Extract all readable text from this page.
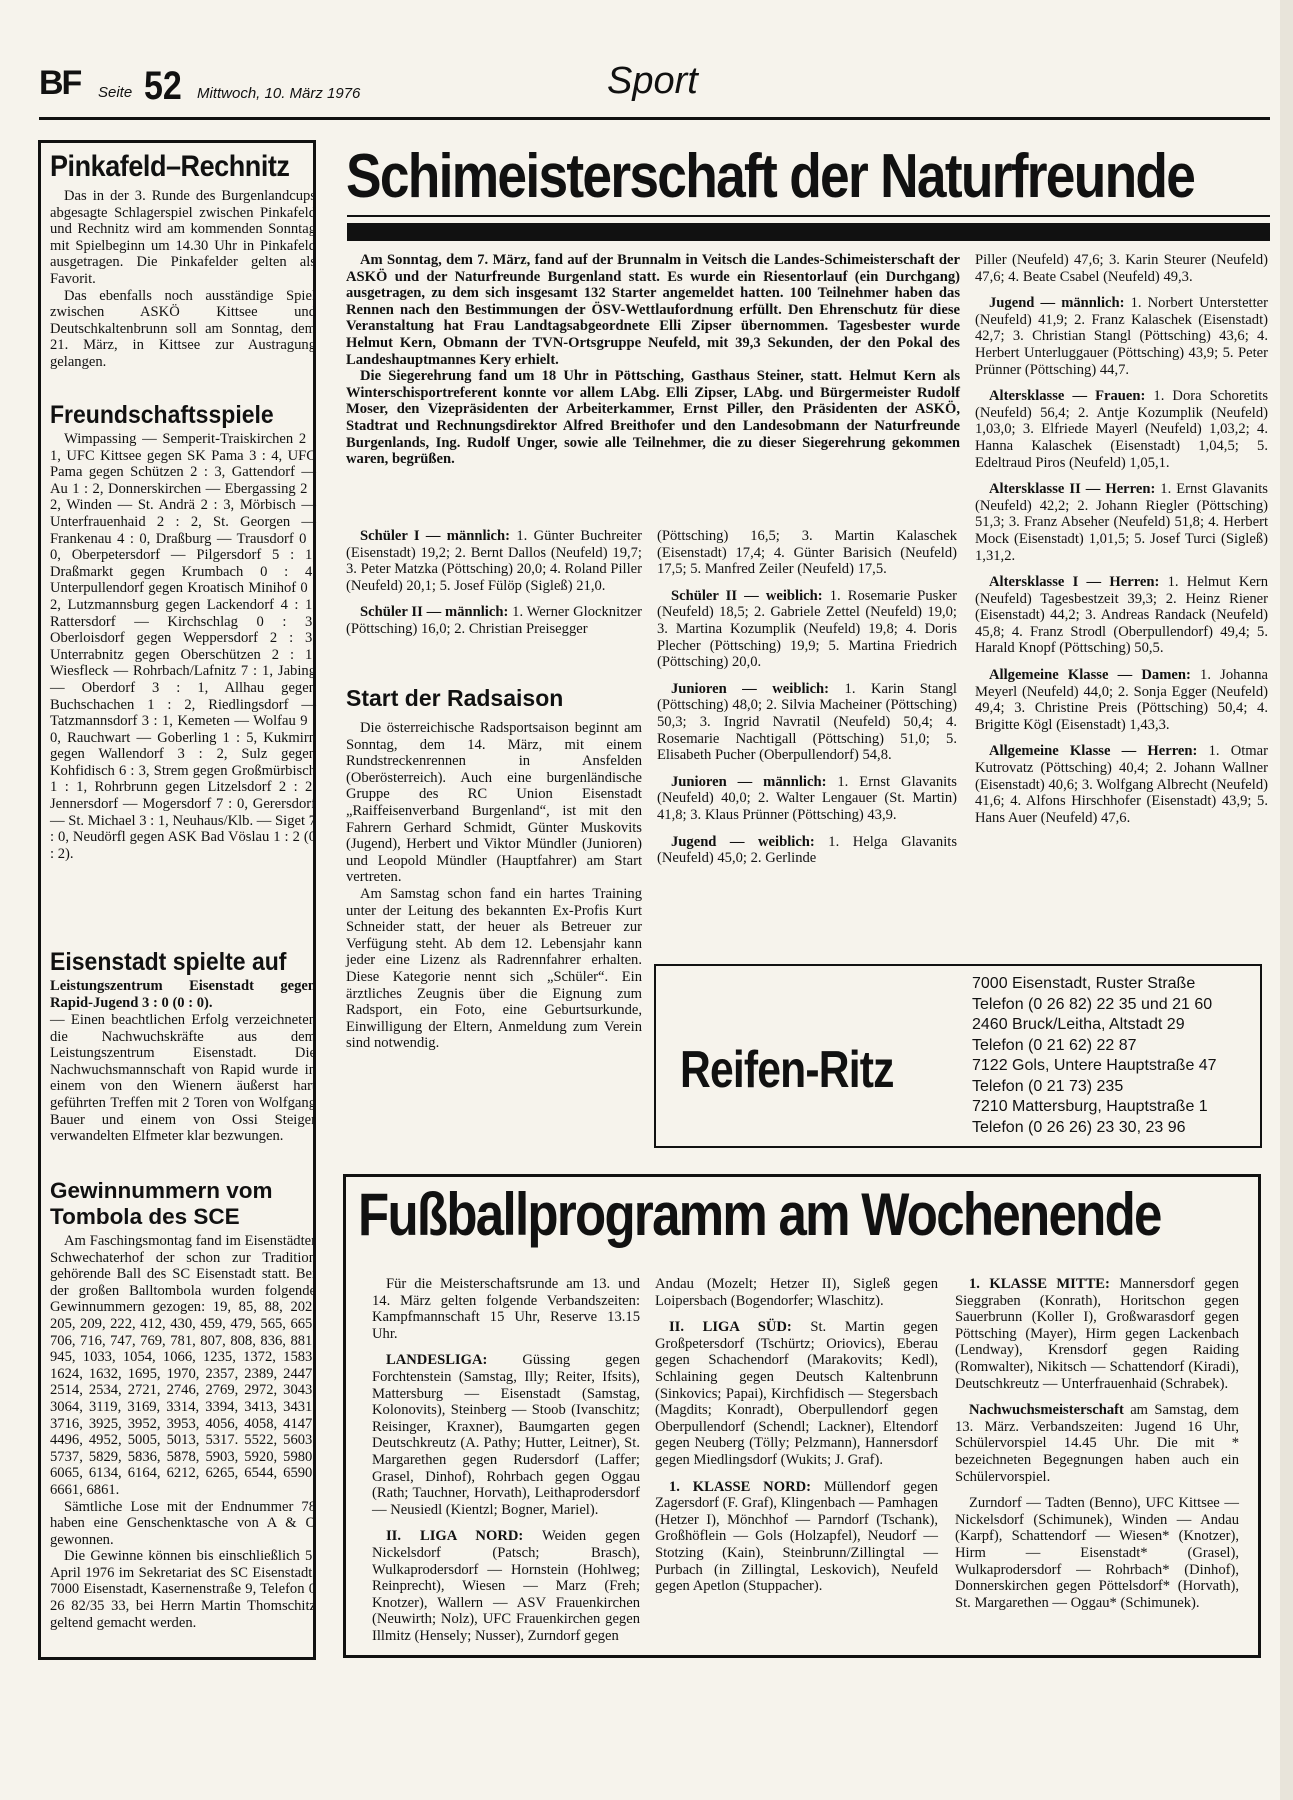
BF Seite 52 Mittwoch, 10. März 1976	Sport
Pinkafeld–Rechnitz

Das in der 3. Runde des Burgenlandcups abgesagte Schlagerspiel zwischen Pinkafeld und Rechnitz wird am kommenden Sonntag mit Spielbeginn um 14.30 Uhr in Pinkafeld ausgetragen. Die Pinkafelder gelten als Favorit.

Das ebenfalls noch ausständige Spiel zwischen ASKÖ Kittsee und Deutschkaltenbrunn soll am Sonntag, dem 21. März, in Kittsee zur Austragung gelangen.

Freundschaftsspiele

Wimpassing — Semperit-Traiskirchen 2 : 1, UFC Kittsee gegen SK Pama 3 : 4, UFC Pama gegen Schützen 2 : 3, Gattendorf — Au 1 : 2, Donnerskirchen — Ebergassing 2 : 2, Winden — St. Andrä 2 : 3, Mörbisch — Unterfrauenhaid 2 : 2, St. Georgen — Frankenau 4 : 0, Draßburg — Trausdorf 0 : 0, Oberpetersdorf — Pilgersdorf 5 : 1, Draßmarkt gegen Krumbach 0 : 4, Unterpullendorf gegen Kroatisch Minihof 0 : 2, Lutzmannsburg gegen Lackendorf 4 : 1, Rattersdorf — Kirchschlag 0 : 3, Oberloisdorf gegen Weppersdorf 2 : 3, Unterrabnitz gegen Oberschützen 2 : 1, Wiesfleck — Rohrbach/Lafnitz 7 : 1, Jabing — Oberdorf 3 : 1, Allhau gegen Buchschachen 1 : 2, Riedlingsdorf — Tatzmannsdorf 3 : 1, Kemeten — Wolfau 9 : 0, Rauchwart — Goberling 1 : 5, Kukmirn gegen Wallendorf 3 : 2, Sulz gegen Kohfidisch 6 : 3, Strem gegen Großmürbisch 1 : 1, Rohrbrunn gegen Litzelsdorf 2 : 2, Jennersdorf — Mogersdorf 7 : 0, Gerersdorf — St. Michael 3 : 1, Neuhaus/Klb. — Siget 7 : 0, Neudörfl gegen ASK Bad Vöslau 1 : 2 (0 : 2).

Eisenstadt spielte auf
Leistungszentrum Eisenstadt gegen Rapid-Jugend 3 : 0 (0 : 0).

— Einen beachtlichen Erfolg verzeichneten die Nachwuchskräfte aus dem Leistungszentrum Eisenstadt. Die Nachwuchsmannschaft von Rapid wurde in einem von den Wienern äußerst hart geführten Treffen mit 2 Toren von Wolfgang Bauer und einem von Ossi Steiger verwandelten Elfmeter klar bezwungen.

Gewinnummern vom Tombola des SCE

Am Faschingsmontag fand im Eisenstädter Schwechaterhof der schon zur Tradition gehörende Ball des SC Eisenstadt statt. Bei der großen Balltombola wurden folgende Gewinnummern gezogen: 19, 85, 88, 202, 205, 209, 222, 412, 430, 459, 479, 565, 665, 706, 716, 747, 769, 781, 807, 808, 836, 881, 945, 1033, 1054, 1066, 1235, 1372, 1583, 1624, 1632, 1695, 1970, 2357, 2389, 2447, 2514, 2534, 2721, 2746, 2769, 2972, 3043, 3064, 3119, 3169, 3314, 3394, 3413, 3431, 3716, 3925, 3952, 3953, 4056, 4058, 4147, 4496, 4952, 5005, 5013, 5317. 5522, 5603, 5737, 5829, 5836, 5878, 5903, 5920, 5980, 6065, 6134, 6164, 6212, 6265, 6544, 6590, 6661, 6861.

Sämtliche Lose mit der Endnummer 78 haben eine Genschenktasche von A & O gewonnen.

Die Gewinne können bis einschließlich 5. April 1976 im Sekretariat des SC Eisenstadt, 7000 Eisenstadt, Kasernenstraße 9, Telefon 0 26 82/35 33, bei Herrn Martin Thomschitz geltend gemacht werden.

Schimeisterschaft der Naturfreunde

Am Sonntag, dem 7. März, fand auf der Brunnalm in Veitsch die Landes-Schimeisterschaft der ASKÖ und der Naturfreunde Burgenland statt. Es wurde ein Riesentorlauf (ein Durchgang) ausgetragen, zu dem sich insgesamt 132 Starter angemeldet hatten. 100 Teilnehmer haben das Rennen nach den Bestimmungen der ÖSV-Wettlaufordnung erfüllt. Den Ehrenschutz für diese Veranstaltung hat Frau Landtagsabgeordnete Elli Zipser übernommen. Tagesbester wurde Helmut Kern, Obmann der TVN-Ortsgruppe Neufeld, mit 39,3 Sekunden, der den Pokal des Landeshauptmannes Kery erhielt.

Die Siegerehrung fand um 18 Uhr in Pöttsching, Gasthaus Steiner, statt. Helmut Kern als Winterschisportreferent konnte vor allem LAbg. Elli Zipser, LAbg. und Bürgermeister Rudolf Moser, den Vizepräsidenten der Arbeiterkammer, Ernst Piller, den Präsidenten der ASKÖ, Stadtrat und Rechnungsdirektor Alfred Breithofer und den Landesobmann der Naturfreunde Burgenlands, Ing. Rudolf Unger, sowie alle Teilnehmer, die zu dieser Siegerehrung gekommen waren, begrüßen.

Schüler I — männlich: 1. Günter Buchreiter (Eisenstadt) 19,2; 2. Bernt Dallos (Neufeld) 19,7; 3. Peter Matzka (Pöttsching) 20,0; 4. Roland Piller (Neufeld) 20,1; 5. Josef Fülöp (Sigleß) 21,0.

Schüler II — männlich: 1. Werner Glocknitzer (Pöttsching) 16,0; 2. Christian Preisegger

Start der Radsaison

Die österreichische Radsportsaison beginnt am Sonntag, dem 14. März, mit einem Rundstreckenrennen in Ansfelden (Oberösterreich). Auch eine burgenländische Gruppe des RC Union Eisenstadt „Raiffeisenverband Burgenland“, ist mit den Fahrern Gerhard Schmidt, Günter Muskovits (Jugend), Herbert und Viktor Mündler (Junioren) und Leopold Mündler (Hauptfahrer) am Start vertreten.

Am Samstag schon fand ein hartes Training unter der Leitung des bekannten Ex-Profis Kurt Schneider statt, der heuer als Betreuer zur Verfügung steht. Ab dem 12. Lebensjahr kann jeder eine Lizenz als Radrennfahrer erhalten. Diese Kategorie nennt sich „Schüler“. Ein ärztliches Zeugnis über die Eignung zum Radsport, ein Foto, eine Geburtsurkunde, Einwilligung der Eltern, Anmeldung zum Verein sind notwendig.

(Pöttsching) 16,5; 3. Martin Kalaschek (Eisenstadt) 17,4; 4. Günter Barisich (Neufeld) 17,5; 5. Manfred Zeiler (Neufeld) 17,5.

Schüler II — weiblich: 1. Rosemarie Pusker (Neufeld) 18,5; 2. Gabriele Zettel (Neufeld) 19,0; 3. Martina Kozumplik (Neufeld) 19,8; 4. Doris Plecher (Pöttsching) 19,9; 5. Martina Friedrich (Pöttsching) 20,0.

Junioren — weiblich: 1. Karin Stangl (Pöttsching) 48,0; 2. Silvia Macheiner (Pöttsching) 50,3; 3. Ingrid Navratil (Neufeld) 50,4; 4. Rosemarie Nachtigall (Pöttsching) 51,0; 5. Elisabeth Pucher (Oberpullendorf) 54,8.

Junioren — männlich: 1. Ernst Glavanits (Neufeld) 40,0; 2. Walter Lengauer (St. Martin) 41,8; 3. Klaus Prünner (Pöttsching) 43,9.

Jugend — weiblich: 1. Helga Glavanits (Neufeld) 45,0; 2. Gerlinde

Piller (Neufeld) 47,6; 3. Karin Steurer (Neufeld) 47,6; 4. Beate Csabel (Neufeld) 49,3.

Jugend — männlich: 1. Norbert Unterstetter (Neufeld) 41,9; 2. Franz Kalaschek (Eisenstadt) 42,7; 3. Christian Stangl (Pöttsching) 43,6; 4. Herbert Unterluggauer (Pöttsching) 43,9; 5. Peter Prünner (Pöttsching) 44,7.

Altersklasse — Frauen: 1. Dora Schoretits (Neufeld) 56,4; 2. Antje Kozumplik (Neufeld) 1,03,0; 3. Elfriede Mayerl (Neufeld) 1,03,2; 4. Hanna Kalaschek (Eisenstadt) 1,04,5; 5. Edeltraud Piros (Neufeld) 1,05,1.

Altersklasse II — Herren: 1. Ernst Glavanits (Neufeld) 42,2; 2. Johann Riegler (Pöttsching) 51,3; 3. Franz Abseher (Neufeld) 51,8; 4. Herbert Mock (Eisenstadt) 1,01,5; 5. Josef Turci (Sigleß) 1,31,2.

Altersklasse I — Herren: 1. Helmut Kern (Neufeld) Tagesbestzeit 39,3; 2. Heinz Riener (Eisenstadt) 44,2; 3. Andreas Randack (Neufeld) 45,8; 4. Franz Strodl (Oberpullendorf) 49,4; 5. Harald Knopf (Pöttsching) 50,5.

Allgemeine Klasse — Damen: 1. Johanna Meyerl (Neufeld) 44,0; 2. Sonja Egger (Neufeld) 49,4; 3. Christine Preis (Pöttsching) 50,4; 4. Brigitte Kögl (Eisenstadt) 1,43,3.

Allgemeine Klasse — Herren: 1. Otmar Kutrovatz (Pöttsching) 40,4; 2. Johann Wallner (Eisenstadt) 40,6; 3. Wolfgang Albrecht (Neufeld) 41,6; 4. Alfons Hirschhofer (Eisenstadt) 43,9; 5. Hans Auer (Neufeld) 47,6.

Reifen-Ritz
7000 Eisenstadt, Ruster Straße
Telefon (0 26 82) 22 35 und 21 60
2460 Bruck/Leitha, Altstadt 29
Telefon (0 21 62) 22 87
7122 Gols, Untere Hauptstraße 47
Telefon (0 21 73) 235
7210 Mattersburg, Hauptstraße 1
Telefon (0 26 26) 23 30, 23 96
Fußballprogramm am Wochenende

Für die Meisterschaftsrunde am 13. und 14. März gelten folgende Verbandszeiten: Kampfmannschaft 15 Uhr, Reserve 13.15 Uhr.

LANDESLIGA: Güssing gegen Forchtenstein (Samstag, Illy; Reiter, Ifsits), Mattersburg — Eisenstadt (Samstag, Kolonovits), Steinberg — Stoob (Ivanschitz; Reisinger, Kraxner), Baumgarten gegen Deutschkreutz (A. Pathy; Hutter, Leitner), St. Margarethen gegen Rudersdorf (Laffer; Grasel, Dinhof), Rohrbach gegen Oggau (Rath; Tauchner, Horvath), Leithaprodersdorf — Neusiedl (Kientzl; Bogner, Mariel).

II. LIGA NORD: Weiden gegen Nickelsdorf (Patsch; Brasch), Wulkaprodersdorf — Hornstein (Hohlweg; Reinprecht), Wiesen — Marz (Freh; Knotzer), Wallern — ASV Frauenkirchen (Neuwirth; Nolz), UFC Frauenkirchen gegen Illmitz (Hensely; Nusser), Zurndorf gegen

Andau (Mozelt; Hetzer II), Sigleß gegen Loipersbach (Bogendorfer; Wlaschitz).

II. LIGA SÜD: St. Martin gegen Großpetersdorf (Tschürtz; Oriovics), Eberau gegen Schachendorf (Marakovits; Kedl), Schlaining gegen Deutsch Kaltenbrunn (Sinkovics; Papai), Kirchfidisch — Stegersbach (Magdits; Konradt), Oberpullendorf gegen Oberpullendorf (Schendl; Lackner), Eltendorf gegen Neuberg (Tölly; Pelzmann), Hannersdorf gegen Miedlingsdorf (Wukits; J. Graf).

1. KLASSE NORD: Müllendorf gegen Zagersdorf (F. Graf), Klingenbach — Pamhagen (Hetzer I), Mönchhof — Parndorf (Tschank), Großhöflein — Gols (Holzapfel), Neudorf — Stotzing (Kain), Steinbrunn/Zillingtal — Purbach (in Zillingtal, Leskovich), Neufeld gegen Apetlon (Stuppacher).

1. KLASSE MITTE: Mannersdorf gegen Sieggraben (Konrath), Horitschon gegen Sauerbrunn (Koller I), Großwarasdorf gegen Pöttsching (Mayer), Hirm gegen Lackenbach (Lendway), Krensdorf gegen Raiding (Romwalter), Nikitsch — Schattendorf (Kiradi), Deutschkreutz — Unterfrauenhaid (Schrabek).

Nachwuchsmeisterschaft am Samstag, dem 13. März. Verbandszeiten: Jugend 16 Uhr, Schülervorspiel 14.45 Uhr. Die mit * bezeichneten Begegnungen haben auch ein Schülervorspiel.

Zurndorf — Tadten (Benno), UFC Kittsee — Nickelsdorf (Schimunek), Winden — Andau (Karpf), Schattendorf — Wiesen* (Knotzer), Hirm — Eisenstadt* (Grasel), Wulkaprodersdorf — Rohrbach* (Dinhof), Donnerskirchen gegen Pöttelsdorf* (Horvath), St. Margarethen — Oggau* (Schimunek).
